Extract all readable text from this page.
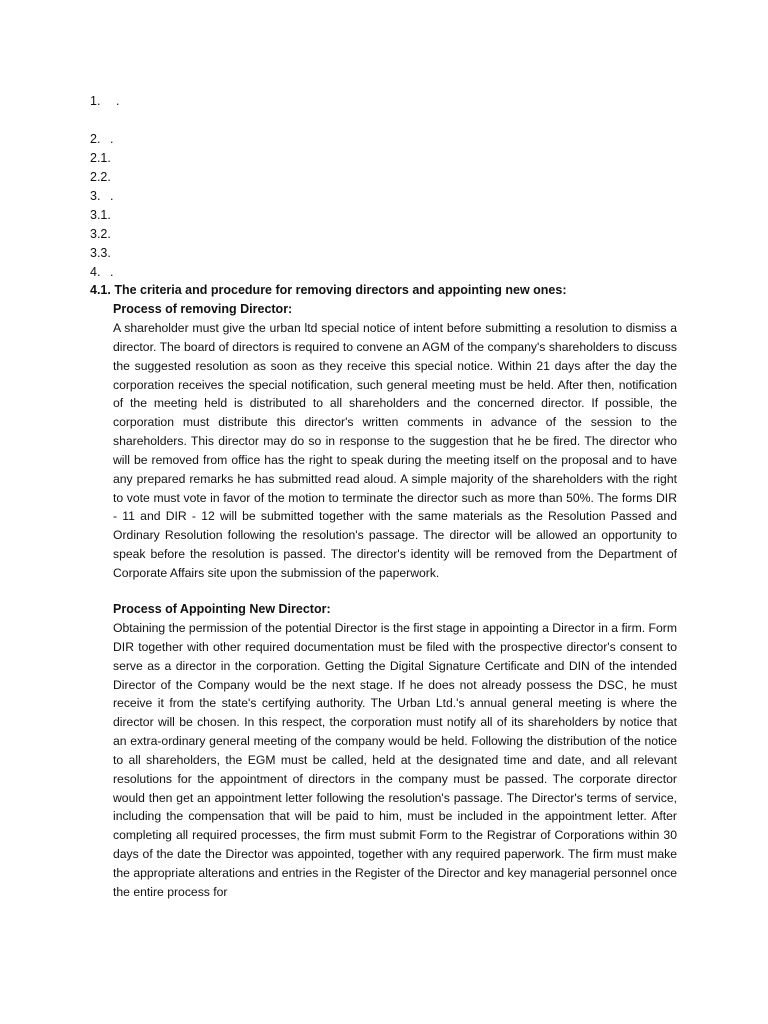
1. .
2. .
2.1.
2.2.
3. .
3.1.
3.2.
3.3.
4. .
4.1. The criteria and procedure for removing directors and appointing new ones:
Process of removing Director:

A shareholder must give the urban ltd special notice of intent before submitting a resolution to dismiss a director. The board of directors is required to convene an AGM of the company's shareholders to discuss the suggested resolution as soon as they receive this special notice. Within 21 days after the day the corporation receives the special notification, such general meeting must be held. After then, notification of the meeting held is distributed to all shareholders and the concerned director. If possible, the corporation must distribute this director's written comments in advance of the session to the shareholders. This director may do so in response to the suggestion that he be fired. The director who will be removed from office has the right to speak during the meeting itself on the proposal and to have any prepared remarks he has submitted read aloud. A simple majority of the shareholders with the right to vote must vote in favor of the motion to terminate the director such as more than 50%. The forms DIR - 11 and DIR - 12 will be submitted together with the same materials as the Resolution Passed and Ordinary Resolution following the resolution's passage. The director will be allowed an opportunity to speak before the resolution is passed. The director's identity will be removed from the Department of Corporate Affairs site upon the submission of the paperwork.

Process of Appointing New Director:

Obtaining the permission of the potential Director is the first stage in appointing a Director in a firm. Form DIR together with other required documentation must be filed with the prospective director's consent to serve as a director in the corporation. Getting the Digital Signature Certificate and DIN of the intended Director of the Company would be the next stage. If he does not already possess the DSC, he must receive it from the state's certifying authority. The Urban Ltd.'s annual general meeting is where the director will be chosen. In this respect, the corporation must notify all of its shareholders by notice that an extra-ordinary general meeting of the company would be held. Following the distribution of the notice to all shareholders, the EGM must be called, held at the designated time and date, and all relevant resolutions for the appointment of directors in the company must be passed. The corporate director would then get an appointment letter following the resolution's passage. The Director's terms of service, including the compensation that will be paid to him, must be included in the appointment letter. After completing all required processes, the firm must submit Form to the Registrar of Corporations within 30 days of the date the Director was appointed, together with any required paperwork. The firm must make the appropriate alterations and entries in the Register of the Director and key managerial personnel once the entire process for
